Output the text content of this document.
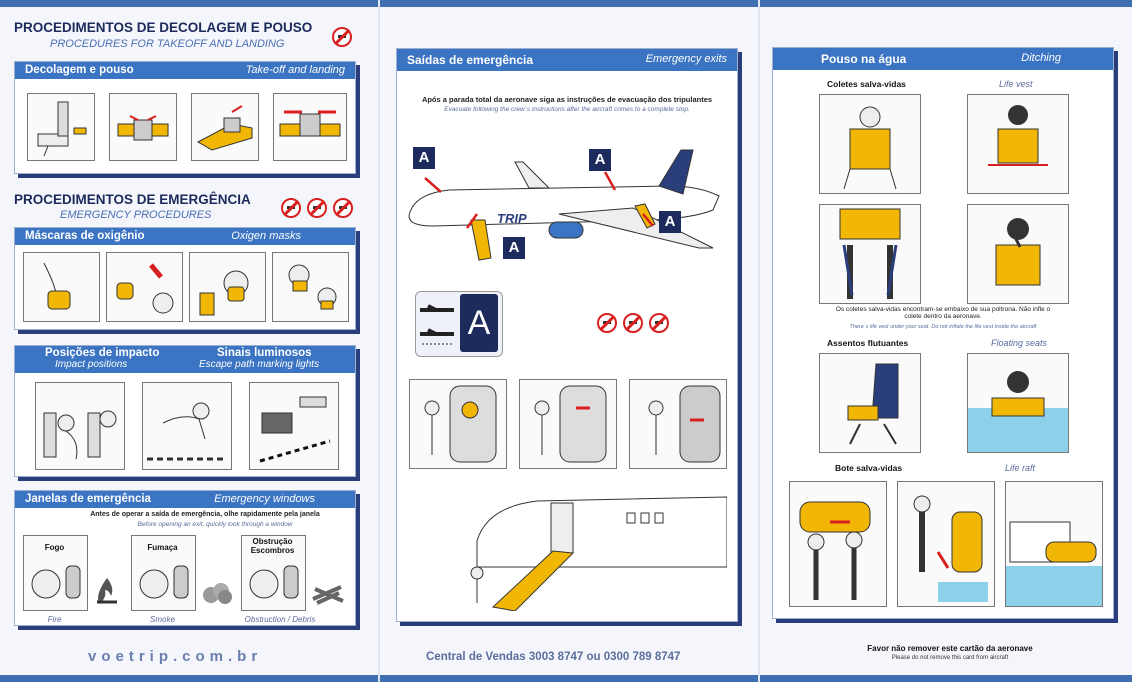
PROCEDIMENTOS DE DECOLAGEM E POUSO
PROCEDURES FOR TAKEOFF AND LANDING
Decolagem e pouso	Take-off and landing
PROCEDIMENTOS DE EMERGÊNCIA
EMERGENCY PROCEDURES
Máscaras de oxigênio	Oxigen masks
Posições de impacto
Impact positions
Sinais luminosos
Escape path marking lights
Janelas de emergência	Emergency windows
Antes de operar a saída de emergência, olhe rapidamente pela janela
Before opening an exit, quickly look through a window
Fogo
Fire
Fumaça
Smoke
Obstrução Escombros
Obstruction / Debris
voetrip.com.br
Saídas de emergência	Emergency exits
Após a parada total da aeronave siga as instruções de evacuação dos tripulantes
Evacuate following the crew´s instructions after the aircraft comes to a complete stop.
TRIP
A
A
A
A
A
Central de Vendas 3003 8747 ou 0300 789 8747
Pouso na água	Ditching
Coletes salva-vidas	Life vest
Os coletes salva-vidas encontram-se embaixo de sua poltrona. Não infle o colete dentro da aeronave.
There´s life vest under your seat. Do not inflate the life vest inside the aircraft
Assentos flutuantes	Floating seats
Bote salva-vidas	Life raft
Favor não remover este cartão da aeronave
Please do not remove this card from aircraft
